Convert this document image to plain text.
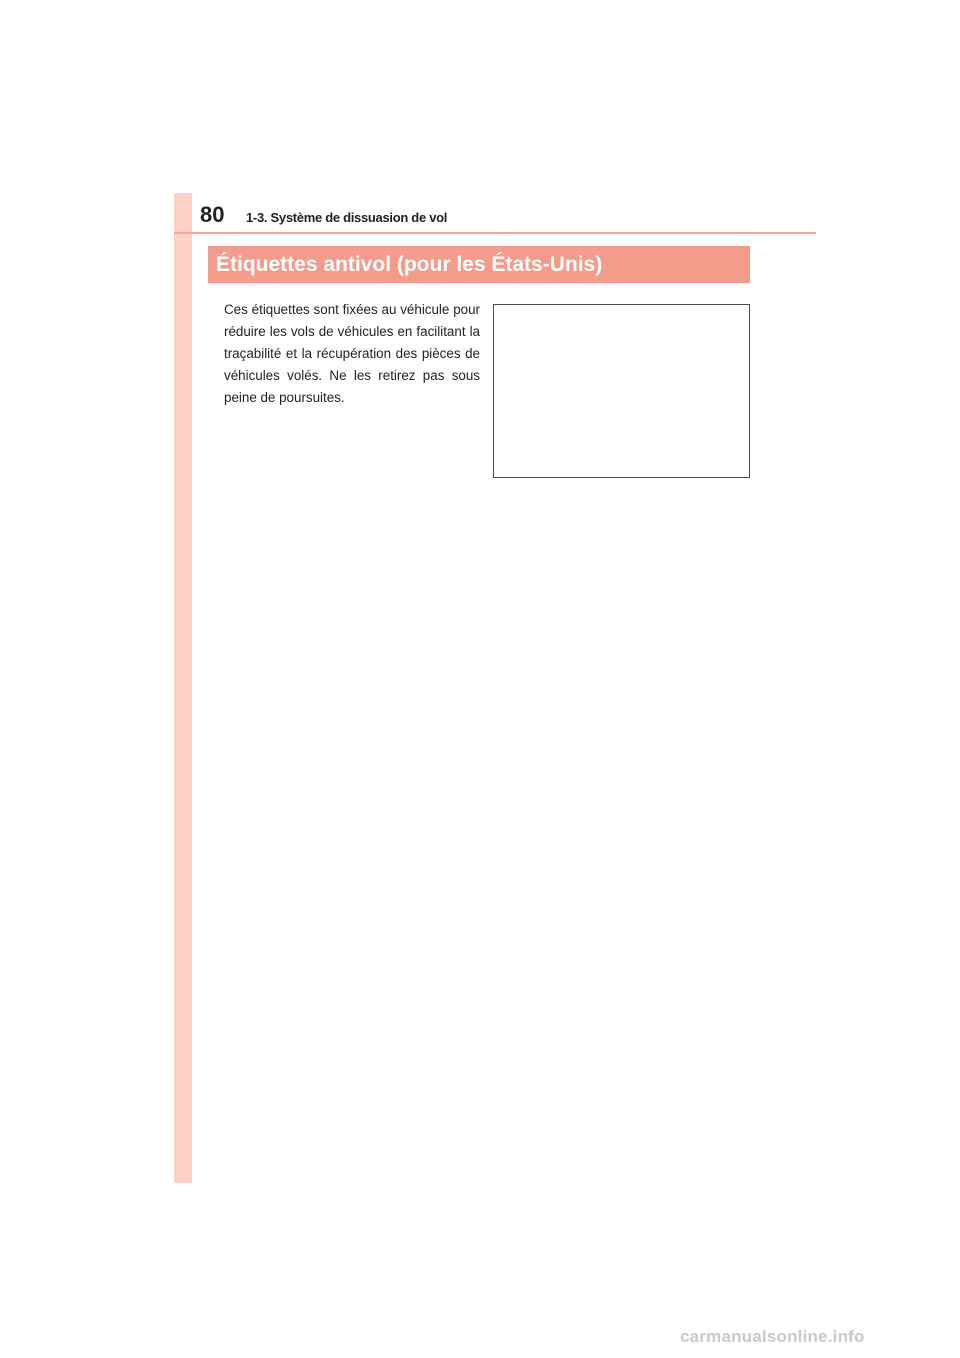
80 1-3. Système de dissuasion de vol
Étiquettes antivol (pour les États-Unis)

Ces étiquettes sont fixées au véhicule pour réduire les vols de véhicules en facilitant la traçabilité et la récupération des pièces de véhicules volés. Ne les retirez pas sous peine de poursuites.

carmanualsonline.info
